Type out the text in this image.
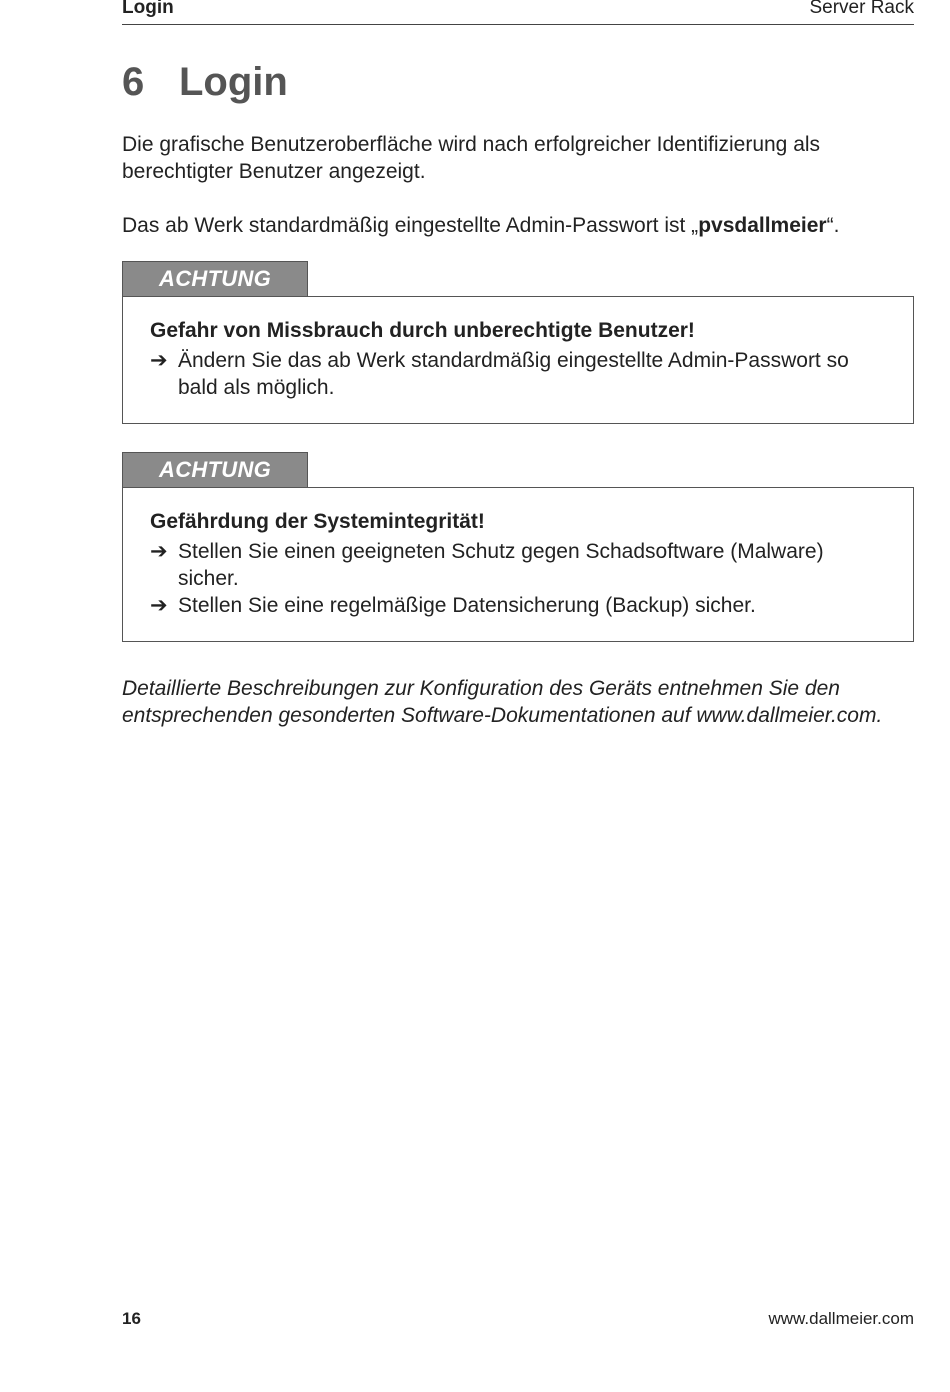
Login	Server Rack
6 Login
Die grafische Benutzeroberfläche wird nach erfolgreicher Identifizierung als berechtigter Benutzer angezeigt.
Das ab Werk standardmäßig eingestellte Admin-Passwort ist „pvsdallmeier“.
ACHTUNG
Gefahr von Missbrauch durch unberechtigte Benutzer!
➔ Ändern Sie das ab Werk standardmäßig eingestellte Admin-Passwort so bald als möglich.
ACHTUNG
Gefährdung der Systemintegrität!
➔ Stellen Sie einen geeigneten Schutz gegen Schadsoftware (Malware) sicher.
➔ Stellen Sie eine regelmäßige Datensicherung (Backup) sicher.
Detaillierte Beschreibungen zur Konfiguration des Geräts entnehmen Sie den entsprechenden gesonderten Software-Dokumentationen auf www.dallmeier.com.
16	www.dallmeier.com
